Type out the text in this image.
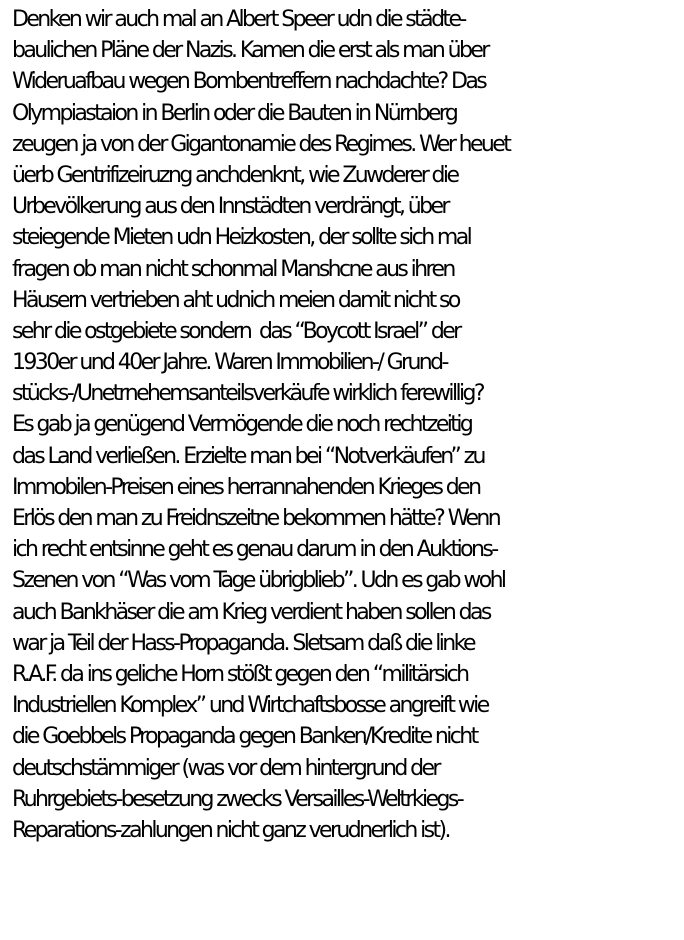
Denken wir auch mal an Albert Speer udn die städte-
baulichen Pläne der Nazis. Kamen die erst als man über
Wideruafbau wegen Bombentreffern nachdachte? Das
Olympiastaion in Berlin oder die Bauten in Nürnberg
zeugen ja von der Gigantonamie des Regimes. Wer heuet
üerb Gentrifizeiruzng anchdenknt, wie Zuwderer die
Urbevölkerung aus den Innstädten verdrängt, über
steiegende Mieten udn Heizkosten, der sollte sich mal
fragen ob man nicht schonmal Manshcne aus ihren
Häusern vertrieben aht udnich meien damit nicht so
sehr die ostgebiete sondern  das “Boycott Israel” der
1930er und 40er Jahre. Waren Immobilien-/ Grund-
stücks-/Unetrnehemsanteilsverkäufe wirklich ferewillig?
Es gab ja genügend Vermögende die noch rechtzeitig
das Land verließen. Erzielte man bei “Notverkäufen” zu
Immobilen-Preisen eines herrannahenden Krieges den
Erlös den man zu Freidnszeitne bekommen hätte? Wenn
ich recht entsinne geht es genau darum in den Auktions-
Szenen von “Was vom Tage übrigblieb”. Udn es gab wohl
auch Bankhäser die am Krieg verdient haben sollen das
war ja Teil der Hass-Propaganda. Sletsam daß die linke
R.A.F. da ins geliche Horn stößt gegen den “militärsich
Industriellen Komplex” und Wirtchaftsbosse angreift wie
die Goebbels Propaganda gegen Banken/Kredite nicht
deutschstämmiger (was vor dem hintergrund der
Ruhrgebiets-besetzung zwecks Versailles-Weltrkiegs-
Reparations-zahlungen nicht ganz verudnerlich ist).
